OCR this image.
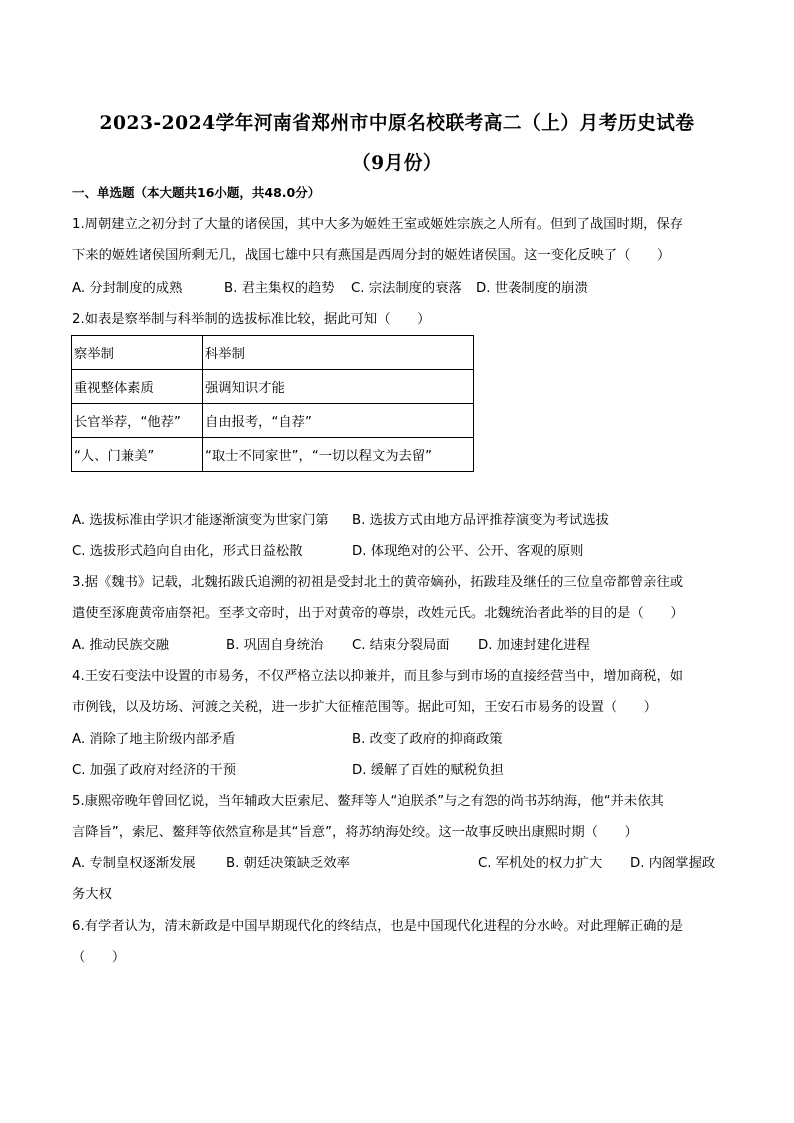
2023-2024学年河南省郑州市中原名校联考高二（上）月考历史试卷
（9月份）
一、单选题（本大题共16小题，共48.0分）
1.周朝建立之初分封了大量的诸侯国，其中大多为姬姓王室或姬姓宗族之人所有。但到了战国时期，保存
下来的姬姓诸侯国所剩无几，战国七雄中只有燕国是西周分封的姬姓诸侯国。这一变化反映了（　　）
A. 分封制度的成熟	B. 君主集权的趋势 C. 宗法制度的衰落 D. 世袭制度的崩溃
2.如表是察举制与科举制的选拔标准比较，据此可知（　　）
察举制	科举制
重视整体素质	强调知识才能
长官举荐，“他荐”	自由报考，“自荐”
“人、门兼美”	“取士不同家世”，“一切以程文为去留”
A. 选拔标准由学识才能逐渐演变为世家门第 B. 选拔方式由地方品评推荐演变为考试选拔
C. 选拔形式趋向自由化，形式日益松散	D. 体现绝对的公平、公开、客观的原则
3.据《魏书》记载，北魏拓跋氏追溯的初祖是受封北土的黄帝嫡孙，拓跋珪及继任的三位皇帝都曾亲往或
遣使至涿鹿黄帝庙祭祀。至孝文帝时，出于对黄帝的尊崇，改姓元氏。北魏统治者此举的目的是（　　）
A. 推动民族交融	B. 巩固自身统治 C. 结束分裂局面 D. 加速封建化进程
4.王安石变法中设置的市易务，不仅严格立法以抑兼并，而且参与到市场的直接经营当中，增加商税，如
市例钱，以及坊场、河渡之关税，进一步扩大征榷范围等。据此可知，王安石市易务的设置（　　）
A. 消除了地主阶级内部矛盾	B. 改变了政府的抑商政策
C. 加强了政府对经济的干预	D. 缓解了百姓的赋税负担
5.康熙帝晚年曾回忆说，当年辅政大臣索尼、鳌拜等人“迫朕杀”与之有怨的尚书苏纳海，他“并未依其
言降旨”，索尼、鳌拜等依然宣称是其“旨意”，将苏纳海处绞。这一故事反映出康熙时期（　　）
A. 专制皇权逐渐发展 B. 朝廷决策缺乏效率	C. 军机处的权力扩大 D. 内阁掌握政
务大权
6.有学者认为，清末新政是中国早期现代化的终结点，也是中国现代化进程的分水岭。对此理解正确的是
（　　）
